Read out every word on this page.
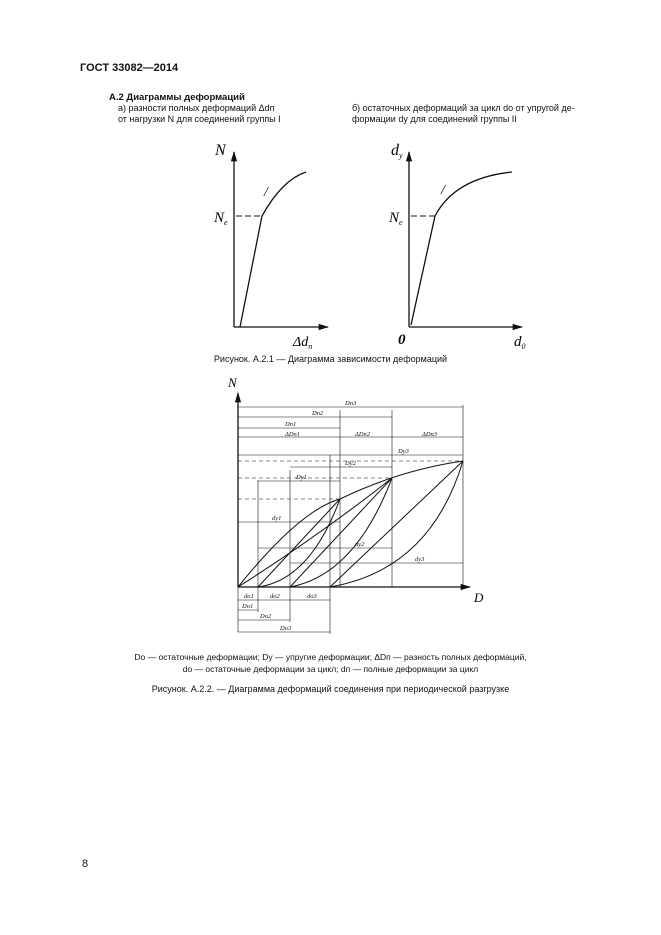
ГОСТ 33082—2014
А.2 Диаграммы деформаций
а) разности полных деформаций Δdп
от нагрузки N для соединений группы I
б) остаточных деформаций за цикл dо от упругой де-
формации dу для соединений группы II
N
$N_е$
/
$\Delta d_п$
dу
$N_е$
/
0	$d_0$
Dп3
Dп2
Dп1
ΔDп1	ΔDп2	ΔDп3
Dу3
Dу2
Dу1
dу1
dу2
dу3
dо1	dо2	dо3
Dо1
Dо2
Dо3
N
D
Рисунок. А.2.1 — Диаграмма зависимости деформаций
Dо — остаточные деформации; Dу — упругие деформации; ΔDп — разность полных деформаций,
dо — остаточные деформации за цикл; dп — полные деформации за цикл
Рисунок. А.2.2. — Диаграмма деформаций соединения при периодической разгрузке
8
